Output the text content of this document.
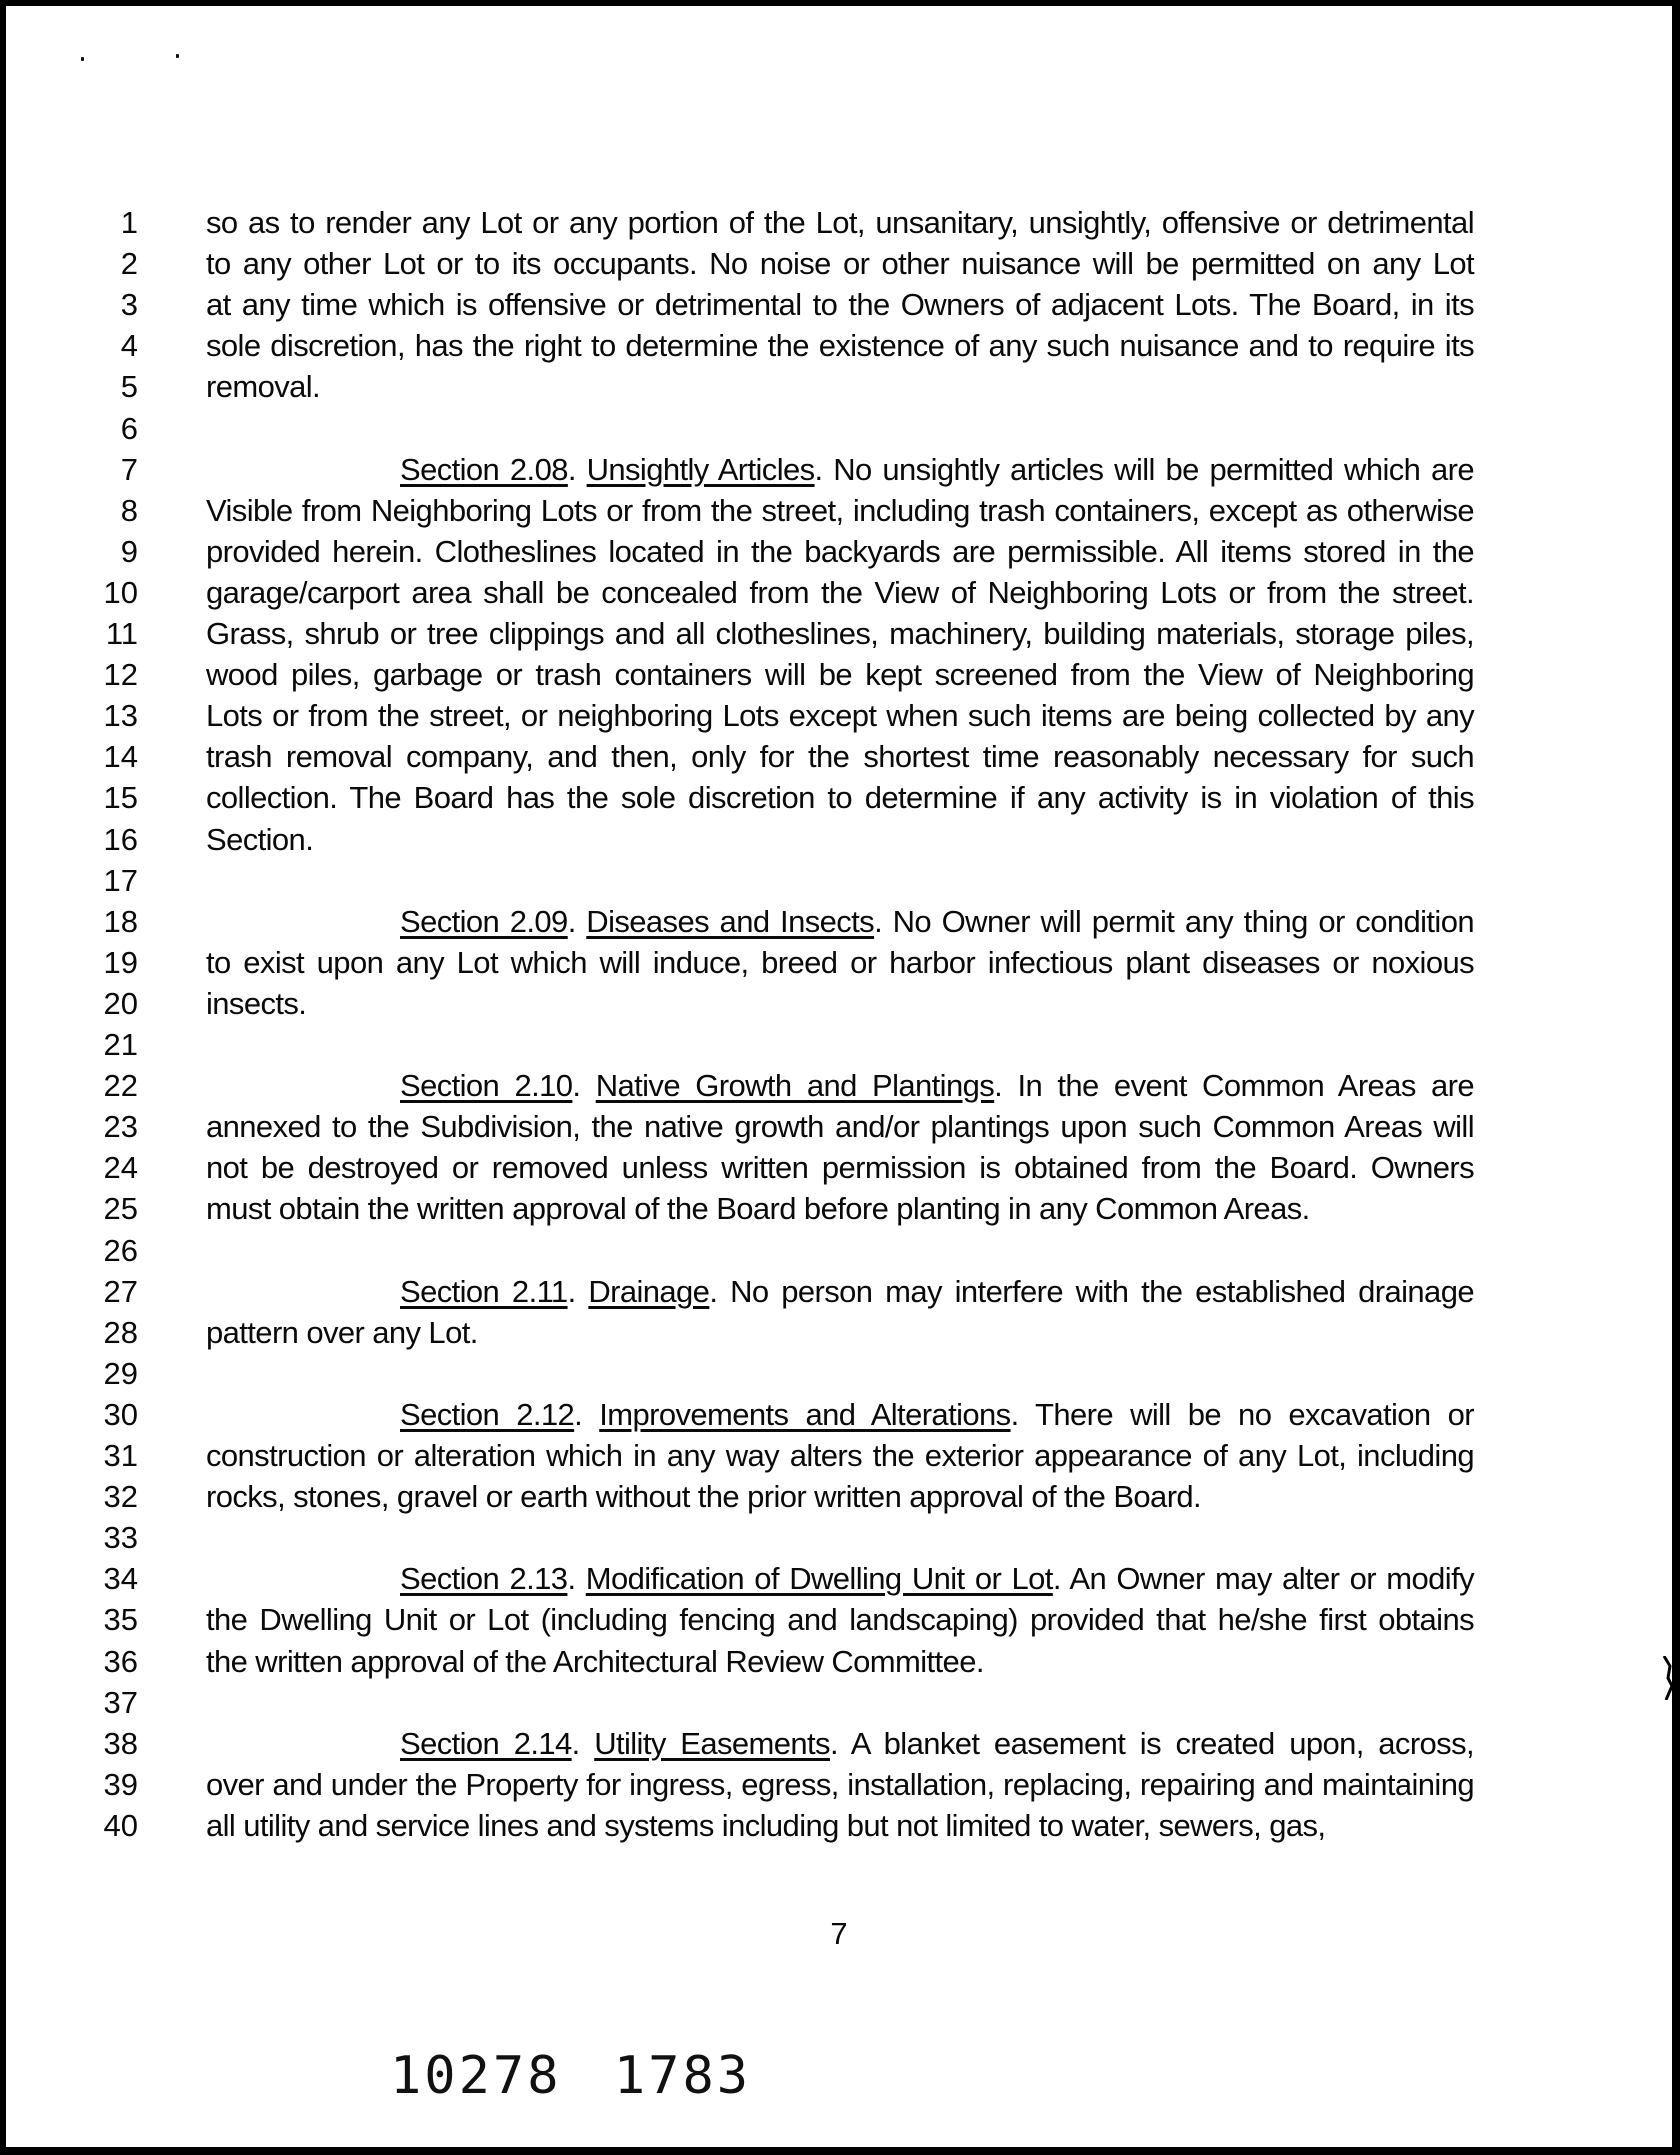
1 so as to render any Lot or any portion of the Lot, unsanitary, unsightly, offensive or detrimental
2 to any other Lot or to its occupants. No noise or other nuisance will be permitted on any Lot
3 at any time which is offensive or detrimental to the Owners of adjacent Lots. The Board, in its
4 sole discretion, has the right to determine the existence of any such nuisance and to require its
5 removal.
6
7	Section 2.08. Unsightly Articles. No unsightly articles will be permitted which are
8 Visible from Neighboring Lots or from the street, including trash containers, except as otherwise
9 provided herein. Clotheslines located in the backyards are permissible. All items stored in the
10 garage/carport area shall be concealed from the View of Neighboring Lots or from the street.
11 Grass, shrub or tree clippings and all clotheslines, machinery, building materials, storage piles,
12 wood piles, garbage or trash containers will be kept screened from the View of Neighboring
13 Lots or from the street, or neighboring Lots except when such items are being collected by any
14 trash removal company, and then, only for the shortest time reasonably necessary for such
15 collection. The Board has the sole discretion to determine if any activity is in violation of this
16 Section.
17
18	Section 2.09. Diseases and Insects. No Owner will permit any thing or condition
19 to exist upon any Lot which will induce, breed or harbor infectious plant diseases or noxious
20 insects.
21
22	Section 2.10. Native Growth and Plantings. In the event Common Areas are
23 annexed to the Subdivision, the native growth and/or plantings upon such Common Areas will
24 not be destroyed or removed unless written permission is obtained from the Board. Owners
25 must obtain the written approval of the Board before planting in any Common Areas.
26
27	Section 2.11. Drainage. No person may interfere with the established drainage
28 pattern over any Lot.
29
30	Section 2.12. Improvements and Alterations. There will be no excavation or
31 construction or alteration which in any way alters the exterior appearance of any Lot, including
32 rocks, stones, gravel or earth without the prior written approval of the Board.
33
34	Section 2.13. Modification of Dwelling Unit or Lot. An Owner may alter or modify
35 the Dwelling Unit or Lot (including fencing and landscaping) provided that he/she first obtains
36 the written approval of the Architectural Review Committee.
37
38	Section 2.14. Utility Easements. A blanket easement is created upon, across,
39 over and under the Property for ingress, egress, installation, replacing, repairing and maintaining
40 all utility and service lines and systems including but not limited to water, sewers, gas,
7
10278 1783
